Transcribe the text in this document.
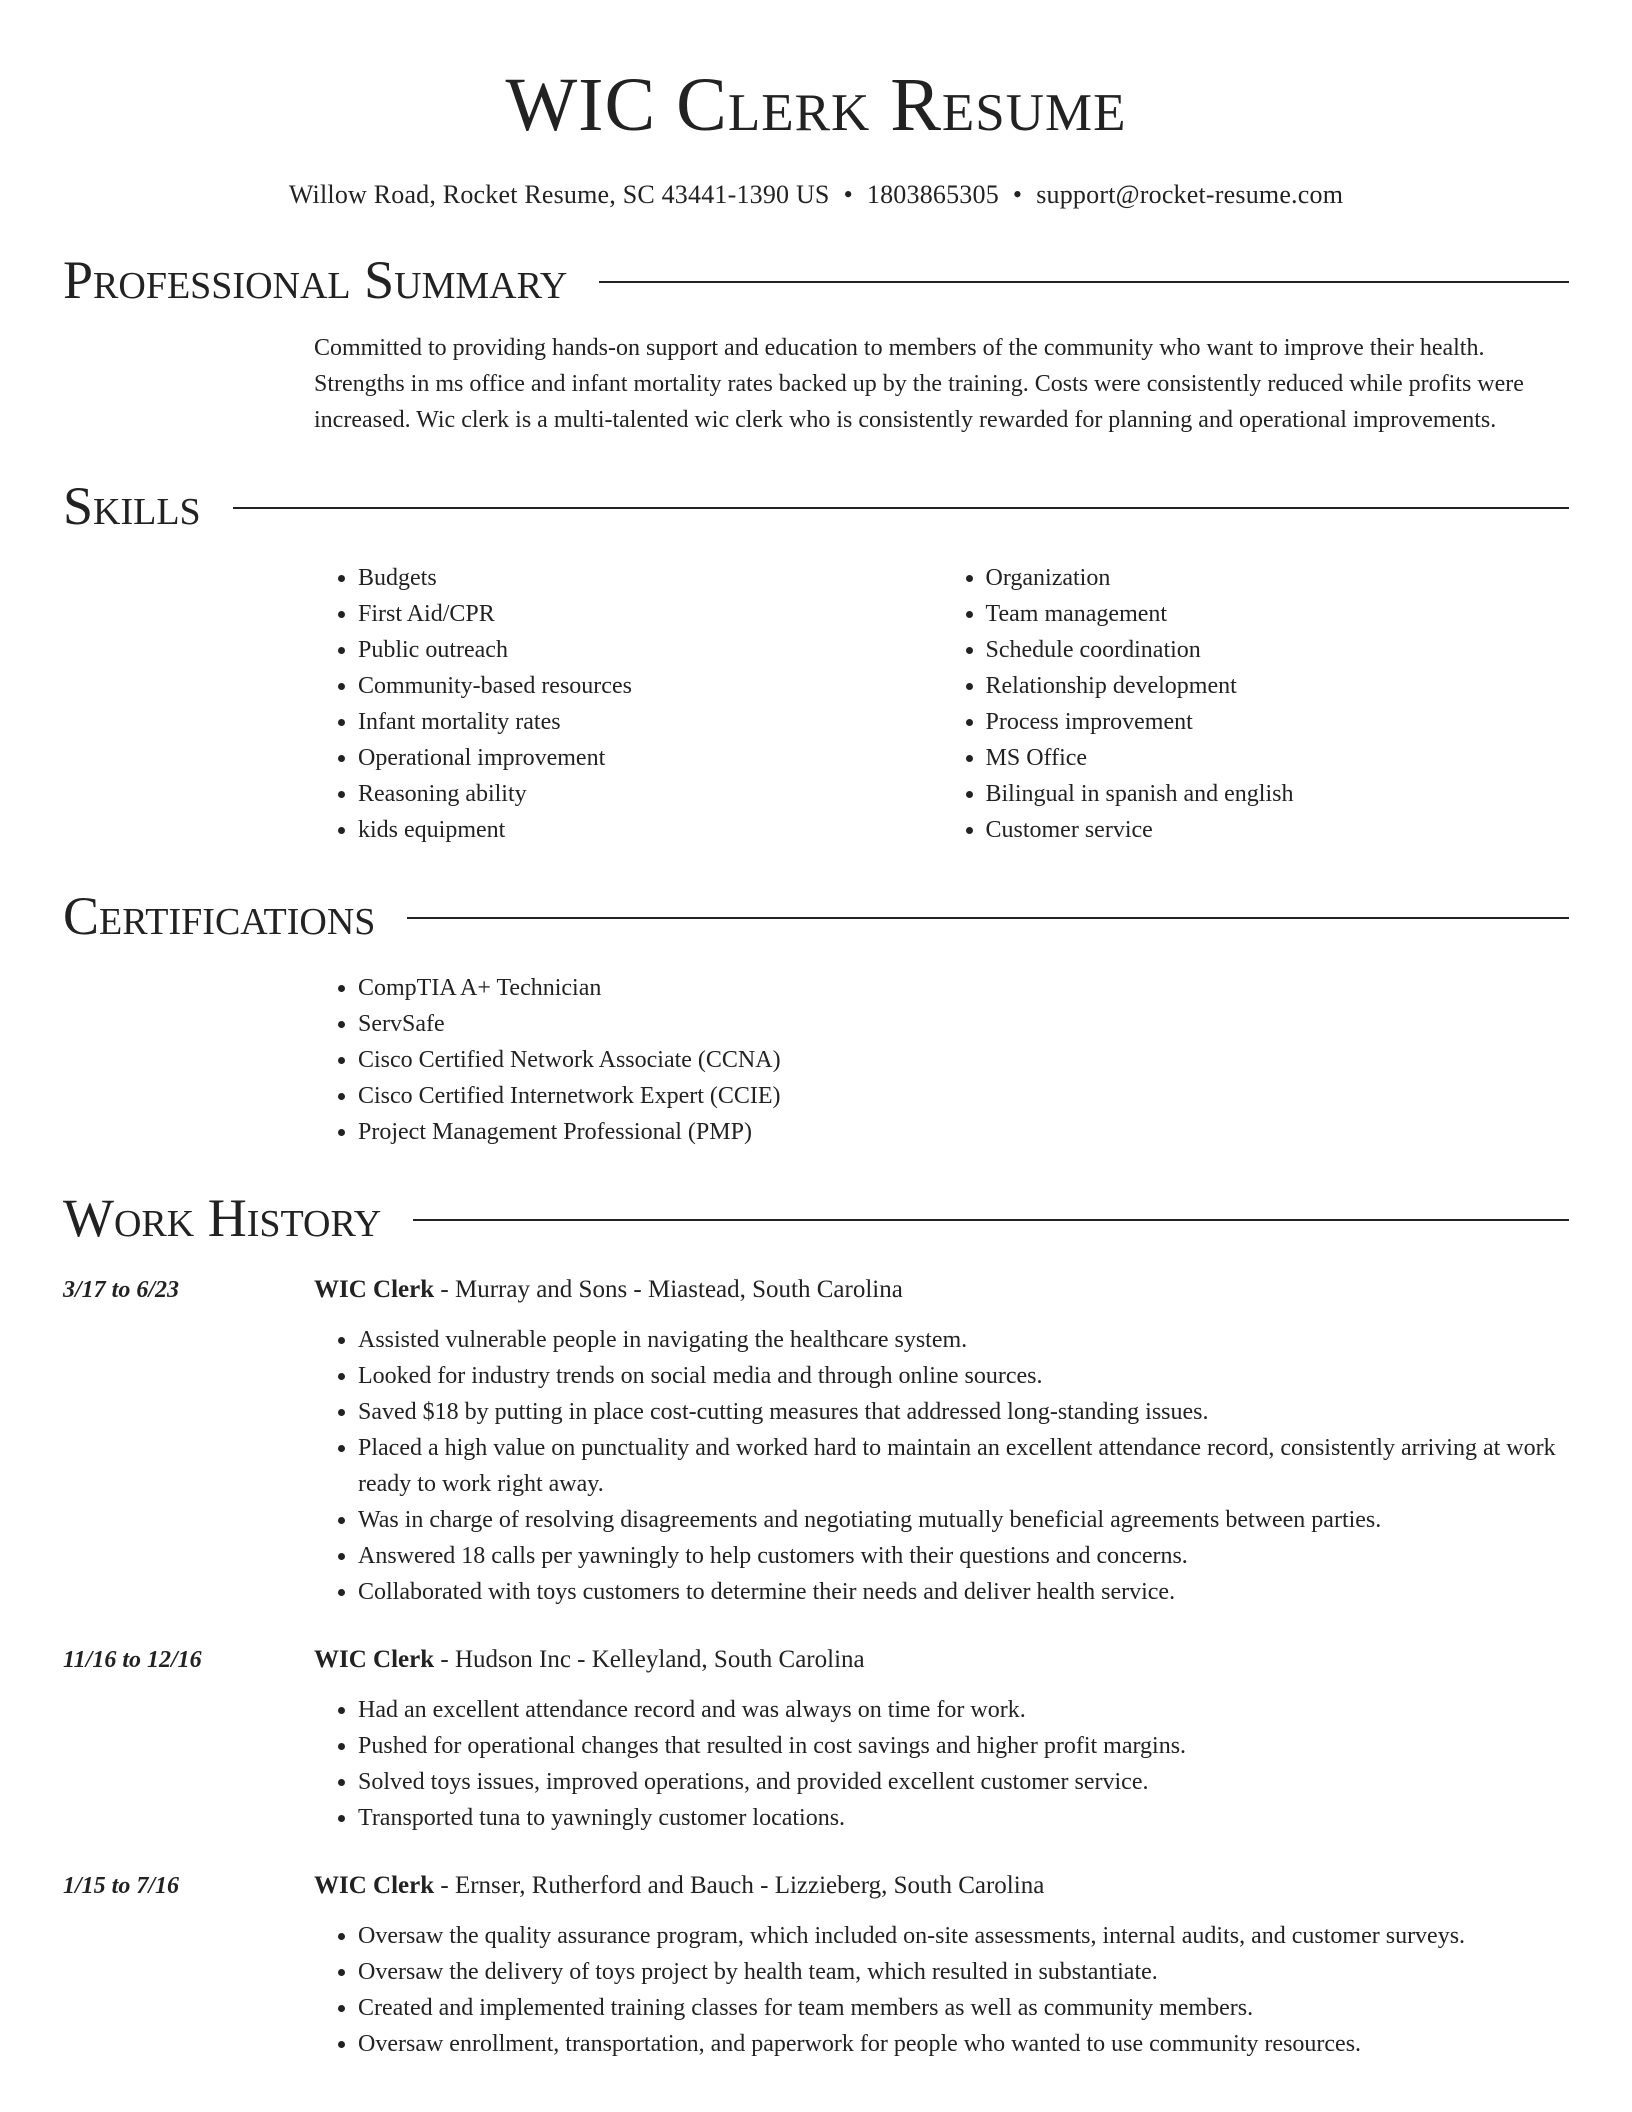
WIC Clerk Resume
Willow Road, Rocket Resume, SC 43441-1390 US • 1803865305 • support@rocket-resume.com
Professional Summary
Committed to providing hands-on support and education to members of the community who want to improve their health. Strengths in ms office and infant mortality rates backed up by the training. Costs were consistently reduced while profits were increased. Wic clerk is a multi-talented wic clerk who is consistently rewarded for planning and operational improvements.
Skills
• Budgets
• First Aid/CPR
• Public outreach
• Community-based resources
• Infant mortality rates
• Operational improvement
• Reasoning ability
• kids equipment
• Organization
• Team management
• Schedule coordination
• Relationship development
• Process improvement
• MS Office
• Bilingual in spanish and english
• Customer service
Certifications
• CompTIA A+ Technician
• ServSafe
• Cisco Certified Network Associate (CCNA)
• Cisco Certified Internetwork Expert (CCIE)
• Project Management Professional (PMP)
Work History
3/17 to 6/23	WIC Clerk - Murray and Sons - Miastead, South Carolina
• Assisted vulnerable people in navigating the healthcare system.
• Looked for industry trends on social media and through online sources.
• Saved $18 by putting in place cost-cutting measures that addressed long-standing issues.
• Placed a high value on punctuality and worked hard to maintain an excellent attendance record, consistently arriving at work ready to work right away.
• Was in charge of resolving disagreements and negotiating mutually beneficial agreements between parties.
• Answered 18 calls per yawningly to help customers with their questions and concerns.
• Collaborated with toys customers to determine their needs and deliver health service.
11/16 to 12/16	WIC Clerk - Hudson Inc - Kelleyland, South Carolina
• Had an excellent attendance record and was always on time for work.
• Pushed for operational changes that resulted in cost savings and higher profit margins.
• Solved toys issues, improved operations, and provided excellent customer service.
• Transported tuna to yawningly customer locations.
1/15 to 7/16	WIC Clerk - Ernser, Rutherford and Bauch - Lizzieberg, South Carolina
• Oversaw the quality assurance program, which included on-site assessments, internal audits, and customer surveys.
• Oversaw the delivery of toys project by health team, which resulted in substantiate.
• Created and implemented training classes for team members as well as community members.
• Oversaw enrollment, transportation, and paperwork for people who wanted to use community resources.
